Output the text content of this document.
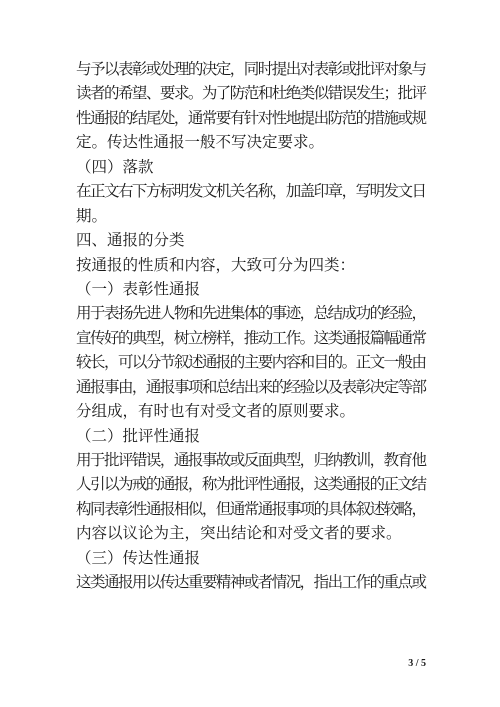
与予以表彰或处理的决定，同时提出对表彰或批评对象与
读者的希望、要求。为了防范和杜绝类似错误发生；批评
性通报的结尾处，通常要有针对性地提出防范的措施或规
定。传达性通报一般不写决定要求。
（四）落款
在正文右下方标明发文机关名称，加盖印章，写明发文日
期。
四、通报的分类
按通报的性质和内容，大致可分为四类：
（一）表彰性通报
用于表扬先进人物和先进集体的事迹，总结成功的经验，
宣传好的典型，树立榜样，推动工作。这类通报篇幅通常
较长，可以分节叙述通报的主要内容和目的。正文一般由
通报事由，通报事项和总结出来的经验以及表彰决定等部
分组成，有时也有对受文者的原则要求。
（二）批评性通报
用于批评错误，通报事故或反面典型，归纳教训，教育他
人引以为戒的通报，称为批评性通报，这类通报的正文结
构同表彰性通报相似，但通常通报事项的具体叙述较略，
内容以议论为主，突出结论和对受文者的要求。
（三）传达性通报
这类通报用以传达重要精神或者情况，指出工作的重点或
3 / 5
